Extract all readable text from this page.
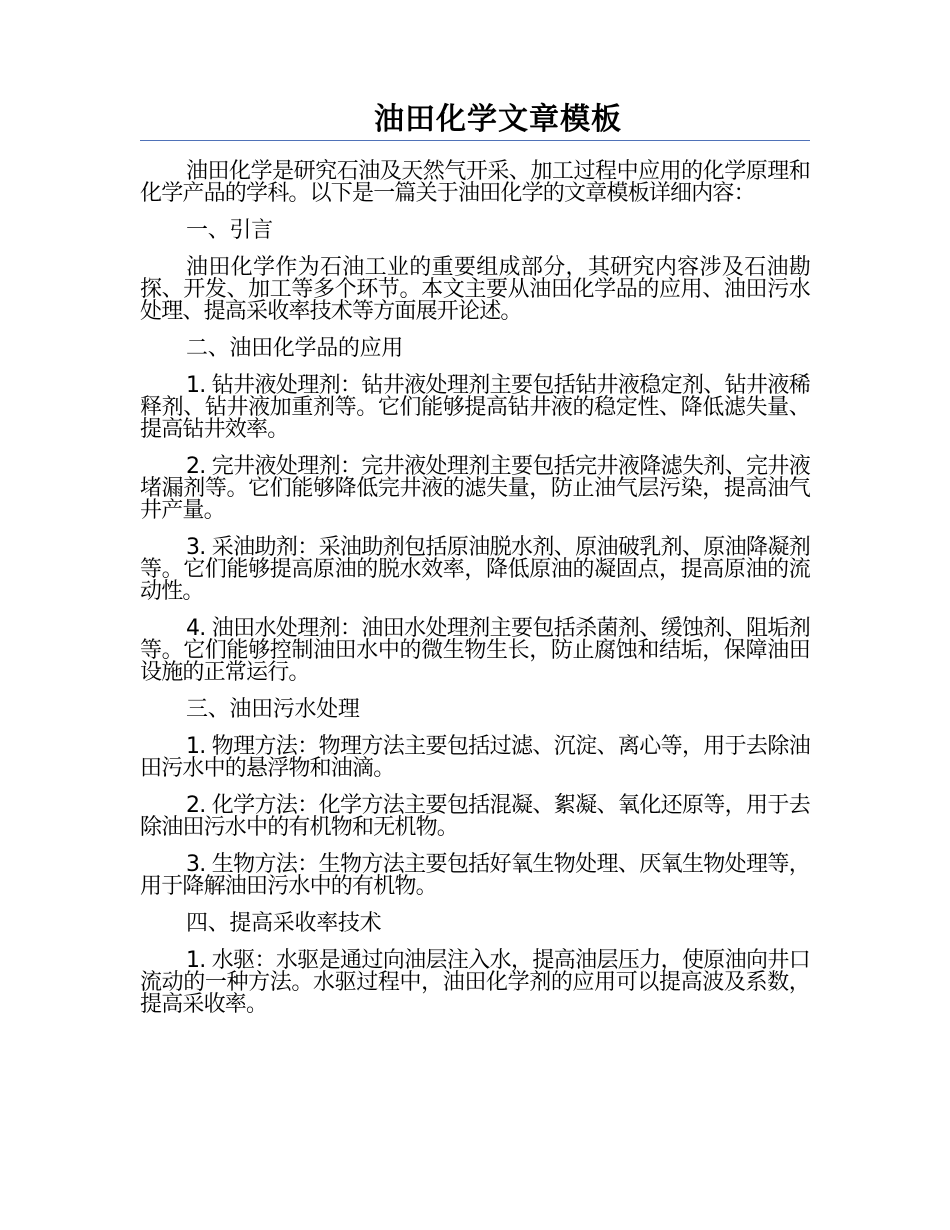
油田化学文章模板

油田化学是研究石油及天然气开采、加工过程中应用的化学原理和化学产品的学科。以下是一篇关于油田化学的文章模板详细内容：

一、引言

油田化学作为石油工业的重要组成部分，其研究内容涉及石油勘探、开发、加工等多个环节。本文主要从油田化学品的应用、油田污水处理、提高采收率技术等方面展开论述。

二、油田化学品的应用

1. 钻井液处理剂：钻井液处理剂主要包括钻井液稳定剂、钻井液稀释剂、钻井液加重剂等。它们能够提高钻井液的稳定性、降低滤失量、提高钻井效率。

2. 完井液处理剂：完井液处理剂主要包括完井液降滤失剂、完井液堵漏剂等。它们能够降低完井液的滤失量，防止油气层污染，提高油气井产量。

3. 采油助剂：采油助剂包括原油脱水剂、原油破乳剂、原油降凝剂等。它们能够提高原油的脱水效率，降低原油的凝固点，提高原油的流动性。

4. 油田水处理剂：油田水处理剂主要包括杀菌剂、缓蚀剂、阻垢剂等。它们能够控制油田水中的微生物生长，防止腐蚀和结垢，保障油田设施的正常运行。

三、油田污水处理

1. 物理方法：物理方法主要包括过滤、沉淀、离心等，用于去除油田污水中的悬浮物和油滴。

2. 化学方法：化学方法主要包括混凝、絮凝、氧化还原等，用于去除油田污水中的有机物和无机物。

3. 生物方法：生物方法主要包括好氧生物处理、厌氧生物处理等，用于降解油田污水中的有机物。

四、提高采收率技术

1. 水驱：水驱是通过向油层注入水，提高油层压力，使原油向井口流动的一种方法。水驱过程中，油田化学剂的应用可以提高波及系数，提高采收率。
